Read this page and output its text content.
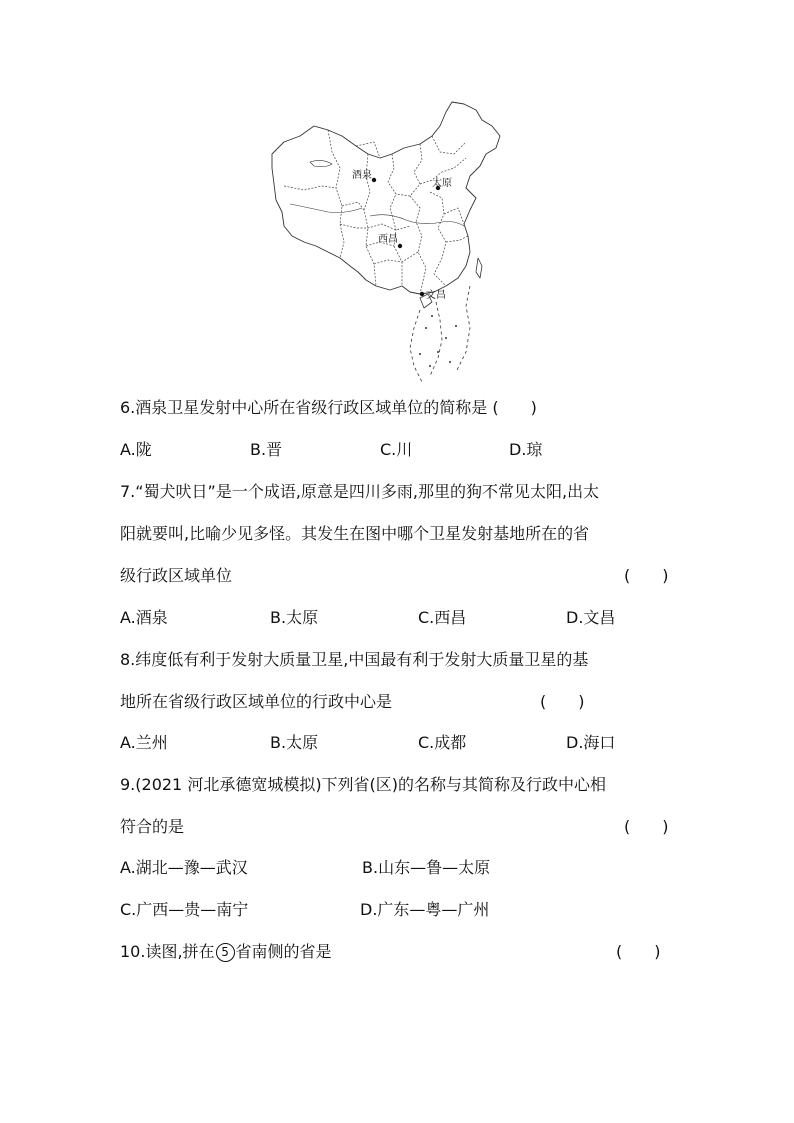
酒泉
太原
西昌
文昌
6.酒泉卫星发射中心所在省级行政区域单位的简称是 (　　)
A.陇	B.晋	C.川	D.琼
7.“蜀犬吠日”是一个成语,原意是四川多雨,那里的狗不常见太阳,出太
阳就要叫,比喻少见多怪。其发生在图中哪个卫星发射基地所在的省
级行政区域单位	(　　)
A.酒泉	B.太原	C.西昌	D.文昌
8.纬度低有利于发射大质量卫星,中国最有利于发射大质量卫星的基
地所在省级行政区域单位的行政中心是	(　　)
A.兰州	B.太原	C.成都	D.海口
9.(2021 河北承德宽城模拟)下列省(区)的名称与其简称及行政中心相
符合的是	(　　)
A.湖北—豫—武汉	B.山东—鲁—太原
C.广西—贵—南宁	D.广东—粤—广州
10.读图,拼在 5 省南侧的省是	(　　)
